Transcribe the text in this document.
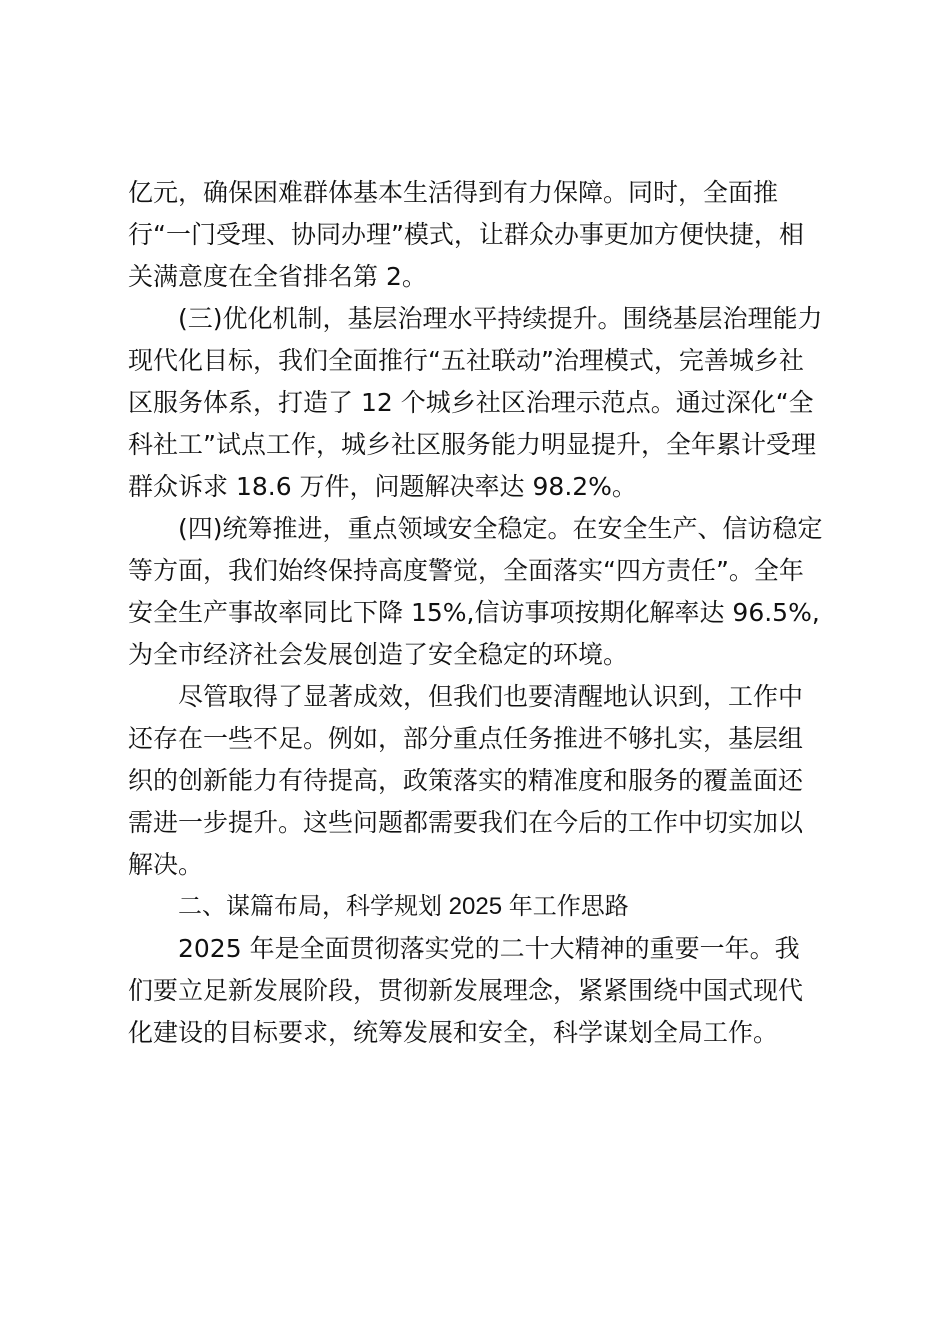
亿元，确保困难群体基本生活得到有力保障。同时，全面推
行“一门受理、协同办理”模式，让群众办事更加方便快捷，相
关满意度在全省排名第 2。
(三)优化机制，基层治理水平持续提升。围绕基层治理能力
现代化目标，我们全面推行“五社联动”治理模式，完善城乡社
区服务体系，打造了 12 个城乡社区治理示范点。通过深化“全
科社工”试点工作，城乡社区服务能力明显提升，全年累计受理
群众诉求 18.6 万件，问题解决率达 98.2%。
(四)统筹推进，重点领域安全稳定。在安全生产、信访稳定
等方面，我们始终保持高度警觉，全面落实“四方责任”。全年
安全生产事故率同比下降 15%,信访事项按期化解率达 96.5%,
为全市经济社会发展创造了安全稳定的环境。
尽管取得了显著成效，但我们也要清醒地认识到，工作中
还存在一些不足。例如，部分重点任务推进不够扎实，基层组
织的创新能力有待提高，政策落实的精准度和服务的覆盖面还
需进一步提升。这些问题都需要我们在今后的工作中切实加以
解决。
二、谋篇布局，科学规划 2025 年工作思路
2025 年是全面贯彻落实党的二十大精神的重要一年。我
们要立足新发展阶段，贯彻新发展理念，紧紧围绕中国式现代
化建设的目标要求，统筹发展和安全，科学谋划全局工作。
